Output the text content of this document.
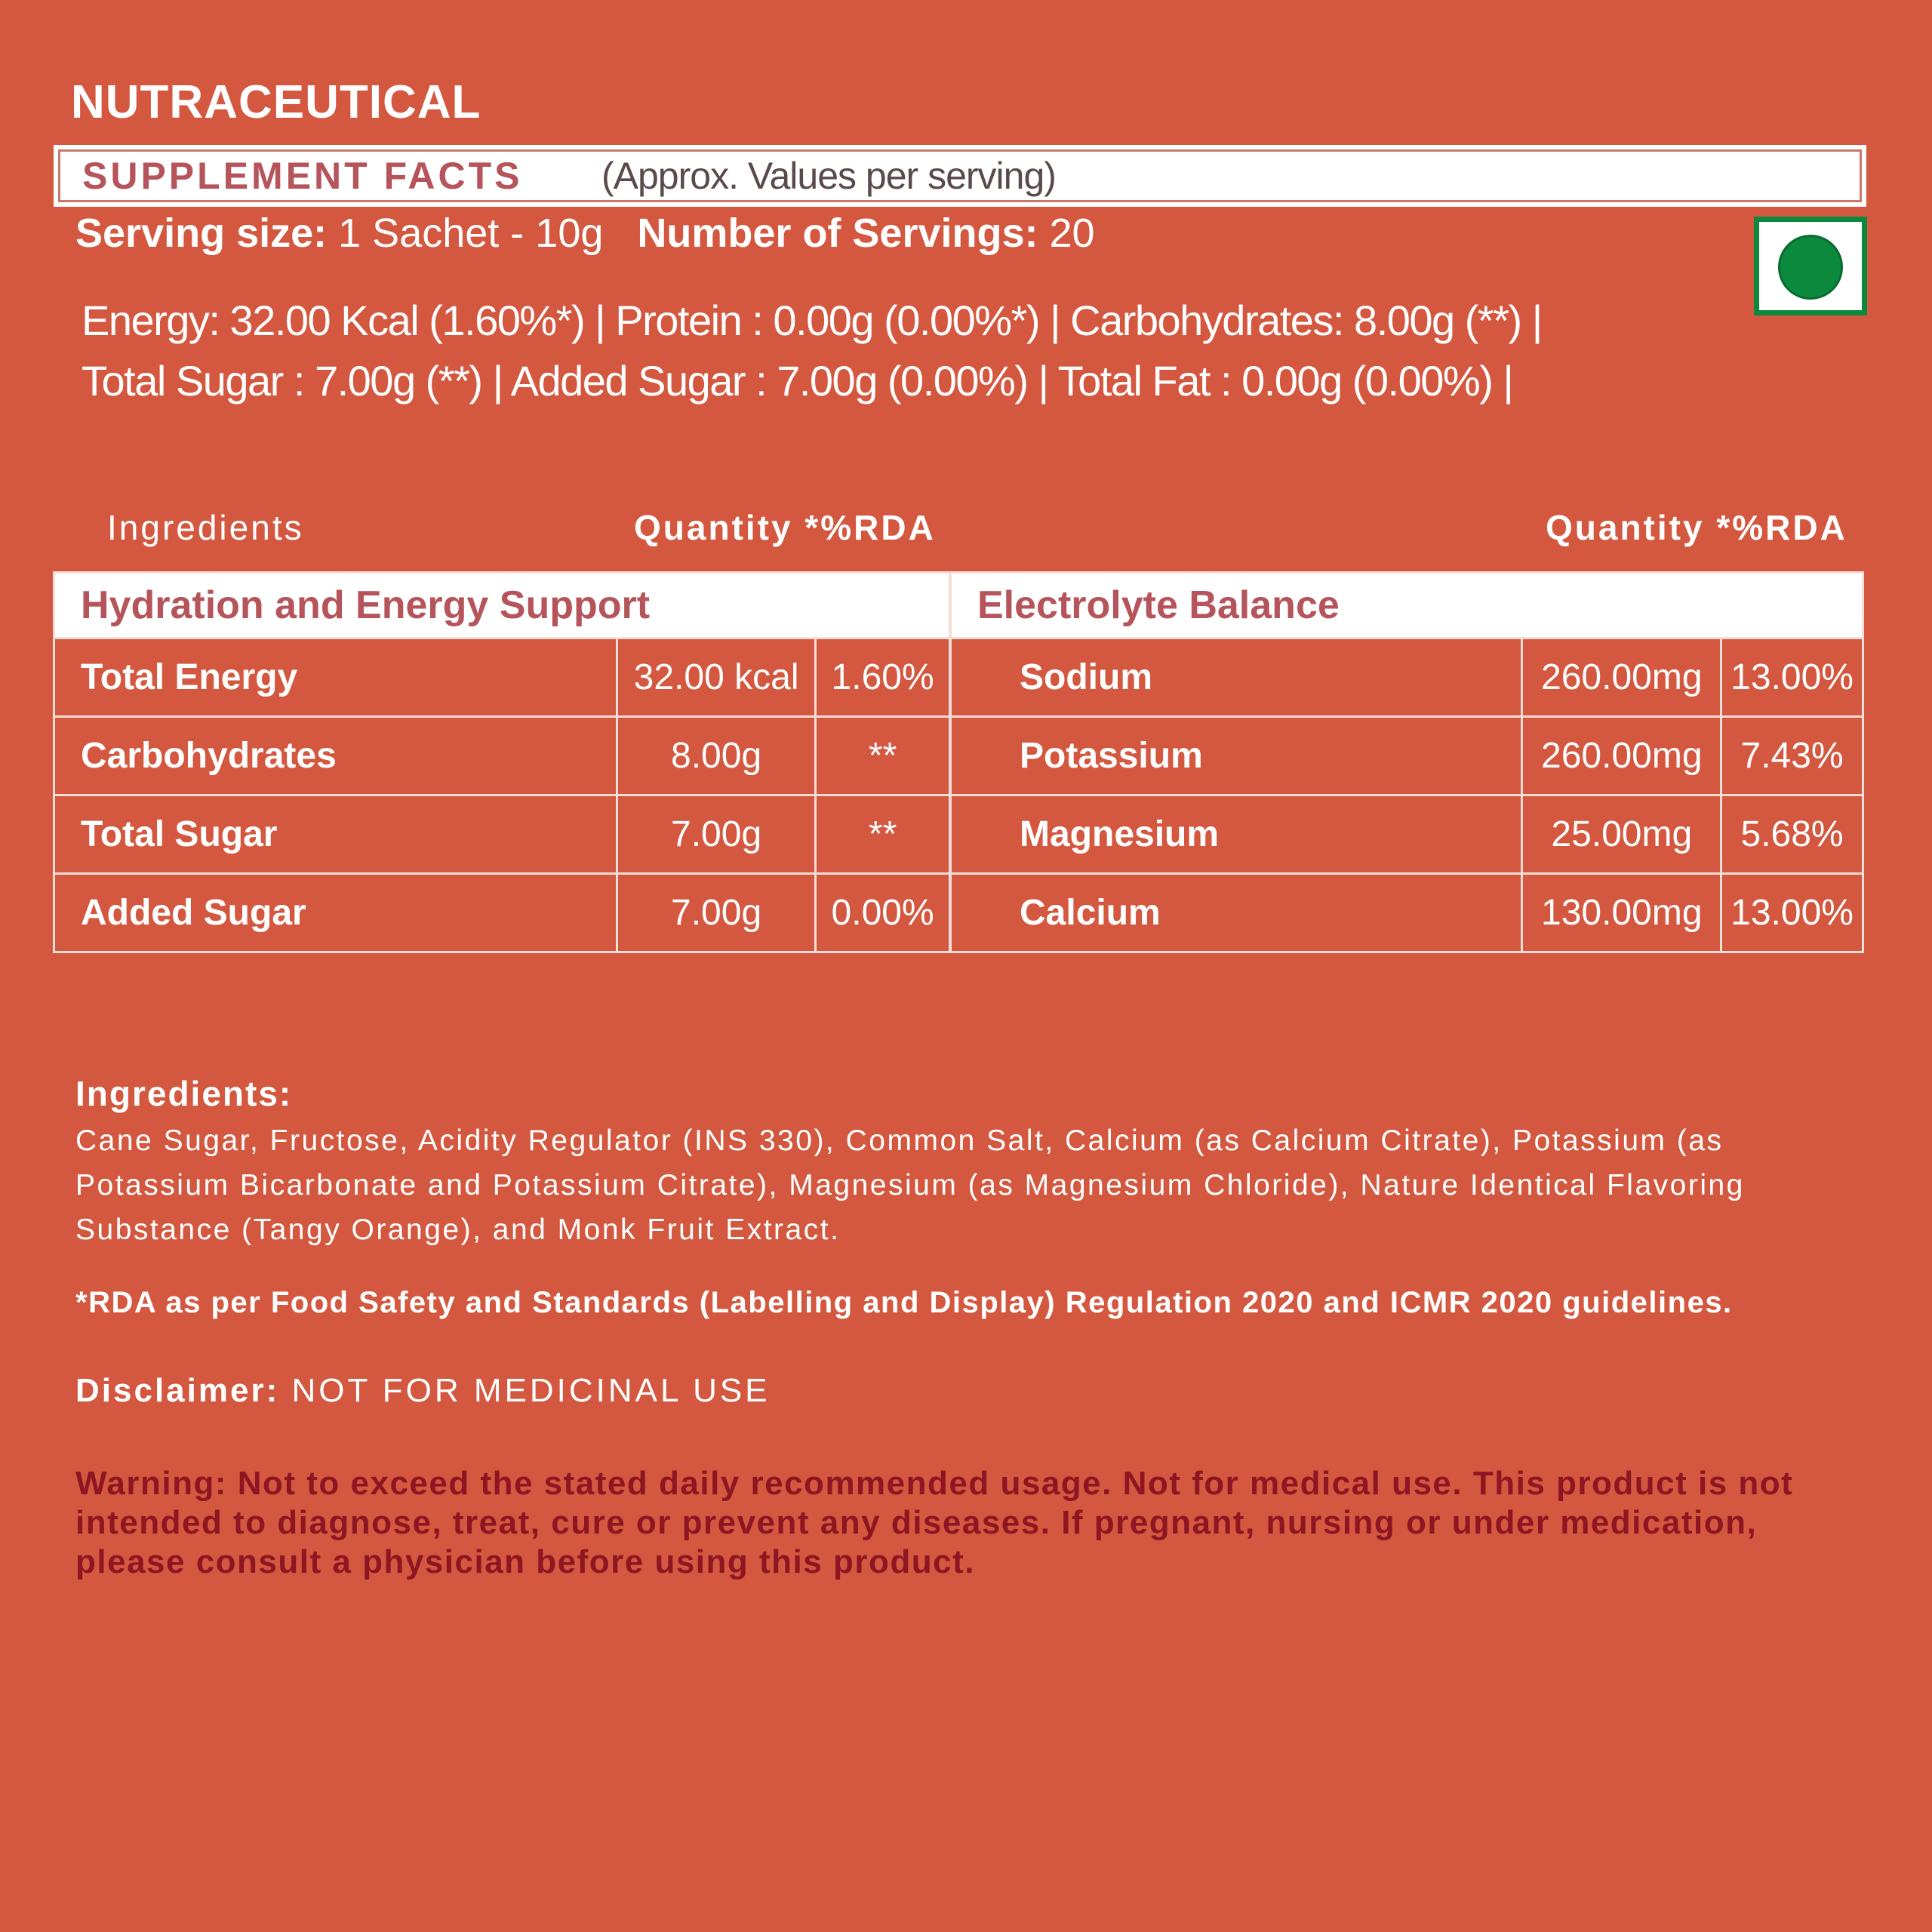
NUTRACEUTICAL
SUPPLEMENT FACTS (Approx. Values per serving)
Serving size: 1 Sachet - 10g Number of Servings: 20
Energy: 32.00 Kcal (1.60%*) | Protein : 0.00g (0.00%*) | Carbohydrates: 8.00g (**) |
Total Sugar : 7.00g (**) | Added Sugar : 7.00g (0.00%) | Total Fat : 0.00g (0.00%) |
Ingredients	Quantity *%RDA	Quantity *%RDA
Hydration and Energy Support		
Total Energy	32.00 kcal	1.60%
Carbohydrates	8.00g	**
Total Sugar	7.00g	**
Added Sugar	7.00g	0.00%
Electrolyte Balance		
Sodium	260.00mg	13.00%
Potassium	260.00mg	7.43%
Magnesium	25.00mg	5.68%
Calcium	130.00mg	13.00%
Ingredients:
Cane Sugar, Fructose, Acidity Regulator (INS 330), Common Salt, Calcium (as Calcium Citrate), Potassium (as Potassium Bicarbonate and Potassium Citrate), Magnesium (as Magnesium Chloride), Nature Identical Flavoring Substance (Tangy Orange), and Monk Fruit Extract.
*RDA as per Food Safety and Standards (Labelling and Display) Regulation 2020 and ICMR 2020 guidelines.
Disclaimer: NOT FOR MEDICINAL USE
Warning: Not to exceed the stated daily recommended usage. Not for medical use. This product is not intended to diagnose, treat, cure or prevent any diseases. If pregnant, nursing or under medication, please consult a physician before using this product.
